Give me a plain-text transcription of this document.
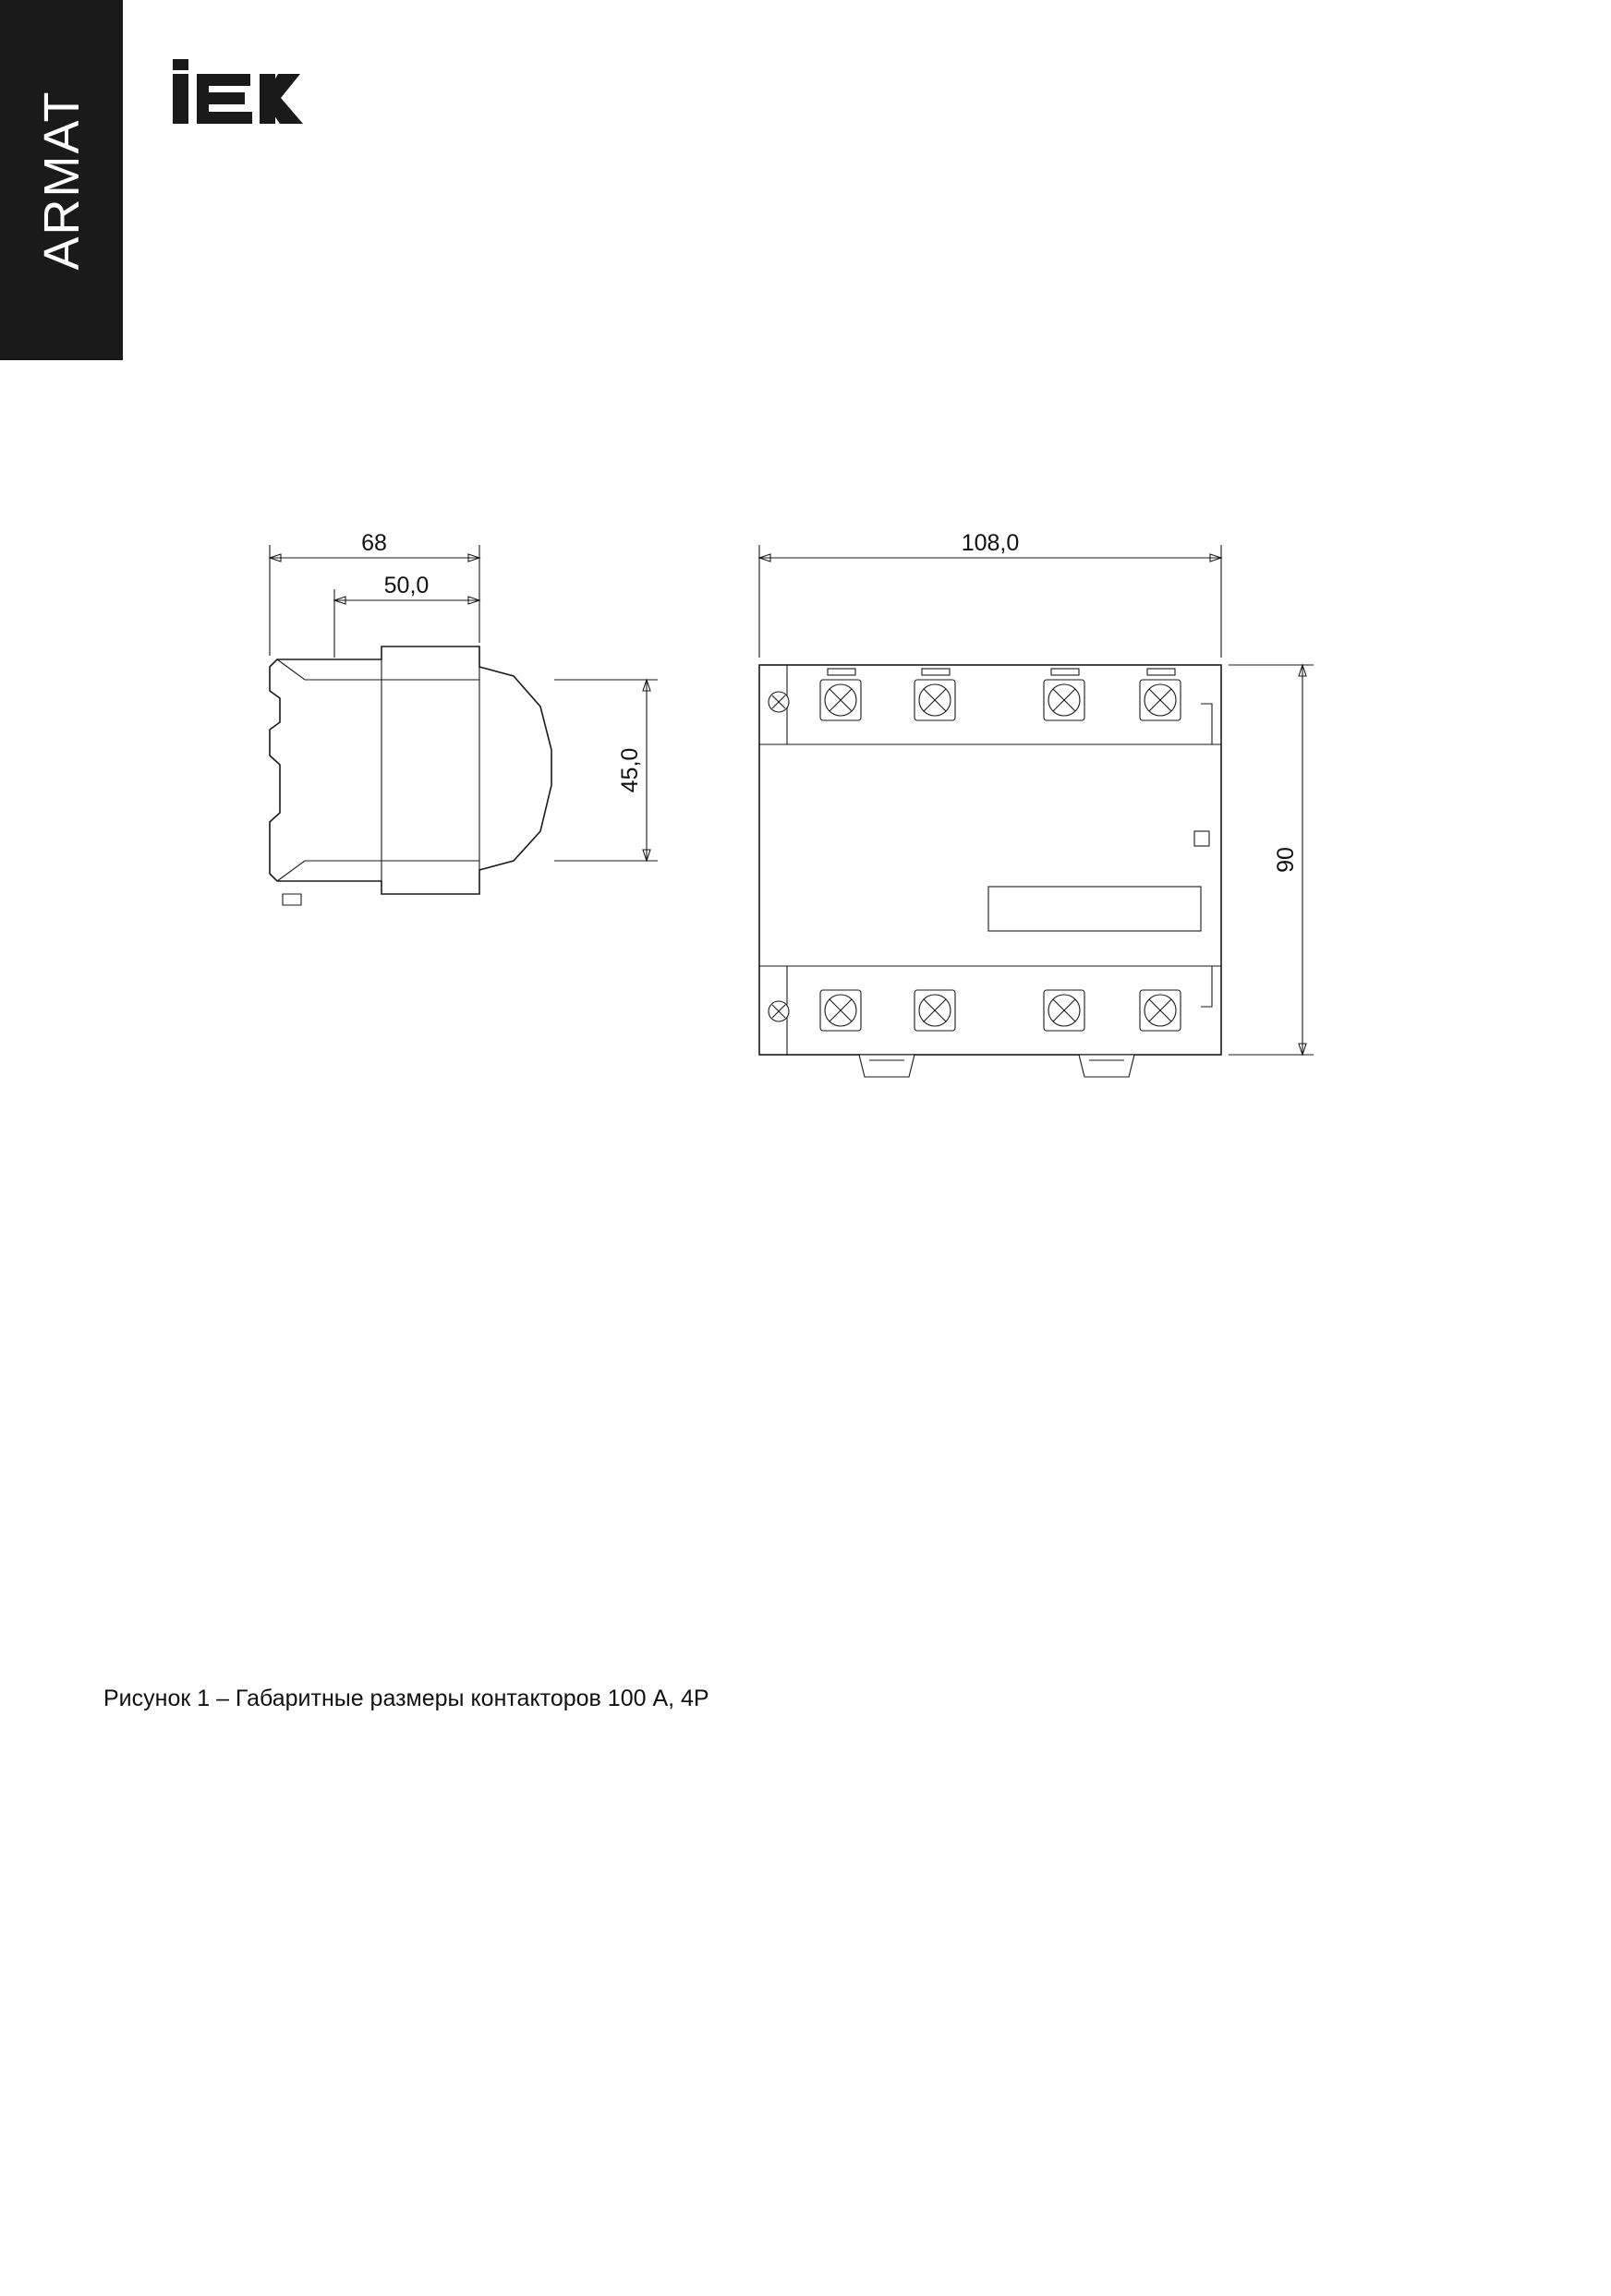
ARMAT
68
50,0
45,0
108,0
90
Рисунок 1 – Габаритные размеры контакторов 100 А, 4Р
